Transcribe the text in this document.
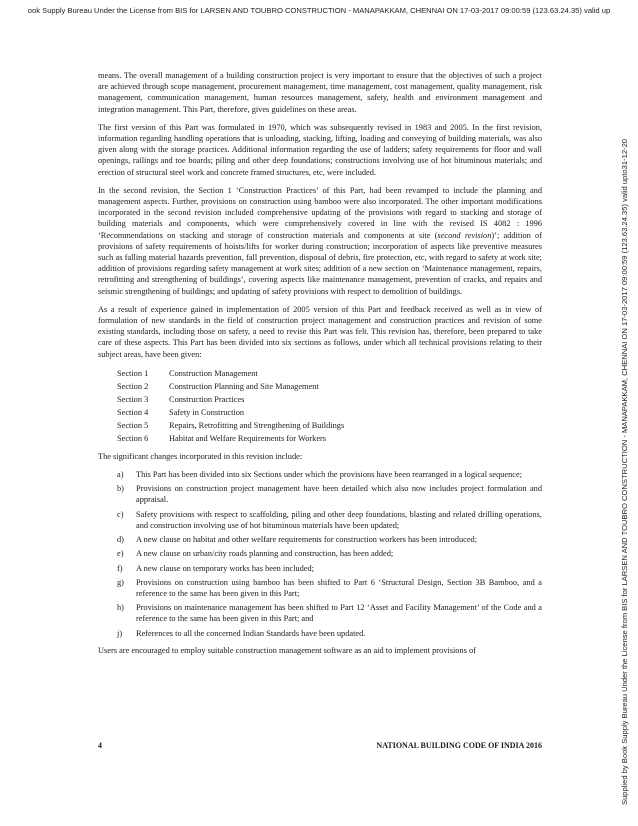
ook Supply Bureau Under the License from BIS for LARSEN AND TOUBRO CONSTRUCTION - MANAPAKKAM, CHENNAI ON 17-03-2017 09:00:59 (123.63.24.35) valid up
Supplied by Book Supply Bureau Under the License from BIS for LARSEN AND TOUBRO CONSTRUCTION - MANAPAKKAM, CHENNAI ON 17-03-2017 09:00:59 (123.63.24.35) valid upto31-12-20

means. The overall management of a building construction project is very important to ensure that the objectives of such a project are achieved through scope management, procurement management, time management, cost management, quality management, risk management, communication management, human resources management, safety, health and environment management and integration management. This Part, therefore, gives guidelines on these areas.

The first version of this Part was formulated in 1970, which was subsequently revised in 1983 and 2005. In the first revision, information regarding handling operations that is unloading, stacking, lifting, loading and conveying of building materials, was also given along with the storage practices. Additional information regarding the use of ladders; safety requirements for floor and wall openings, railings and toe boards; piling and other deep foundations; constructions involving use of hot bituminous materials; and erection of structural steel work and concrete framed structures, etc, were included.

In the second revision, the Section 1 ‘Construction Practices’ of this Part, had been revamped to include the planning and management aspects. Further, provisions on construction using bamboo were also incorporated. The other important modifications incorporated in the second revision included comprehensive updating of the provisions with regard to stacking and storage of building materials and components, which were comprehensively covered in line with the revised IS 4082 : 1996 ‘Recommendations on stacking and storage of construction materials and components at site (second revision)’; addition of provisions of safety requirements of hoists/lifts for worker during construction; incorporation of aspects like preventive measures such as falling material hazards prevention, fall prevention, disposal of debris, fire protection, etc, with regard to safety at work site; addition of provisions regarding safety management at work sites; addition of a new section on ‘Maintenance management, repairs, retrofitting and strengthening of buildings’, covering aspects like maintenance management, prevention of cracks, and repairs and seismic strengthening of buildings; and updating of safety provisions with respect to demolition of buildings.

As a result of experience gained in implementation of 2005 version of this Part and feedback received as well as in view of formulation of new standards in the field of construction project management and construction practices and revision of some existing standards, including those on safety, a need to revise this Part was felt. This revision has, therefore, been prepared to take care of these aspects. This Part has been divided into six sections as follows, under which all technical provisions relating to their subject areas, have been given:

Section 1	Construction Management
Section 2	Construction Planning and Site Management
Section 3	Construction Practices
Section 4	Safety in Construction
Section 5	Repairs, Retrofitting and Strengthening of Buildings
Section 6	Habitat and Welfare Requirements for Workers

The significant changes incorporated in this revision include:

a)	This Part has been divided into six Sections under which the provisions have been rearranged in a logical sequence;
b)	Provisions on construction project management have been detailed which also now includes project formulation and appraisal.
c)	Safety provisions with respect to scaffolding, piling and other deep foundations, blasting and related drilling operations, and construction involving use of hot bituminous materials have been updated;
d)	A new clause on habitat and other welfare requirements for construction workers has been introduced;
e)	A new clause on urban/city roads planning and construction, has been added;
f)	A new clause on temporary works has been included;
g)	Provisions on construction using bamboo has been shifted to Part 6 ‘Structural Design, Section 3B Bamboo, and a reference to the same has been given in this Part;
h)	Provisions on maintenance management has been shifted to Part 12 ‘Asset and Facility Management’ of the Code and a reference to the same has been given in this Part; and
j)	References to all the concerned Indian Standards have been updated.

Users are encouraged to employ suitable construction management software as an aid to implement provisions of

4	NATIONAL BUILDING CODE OF INDIA 2016
